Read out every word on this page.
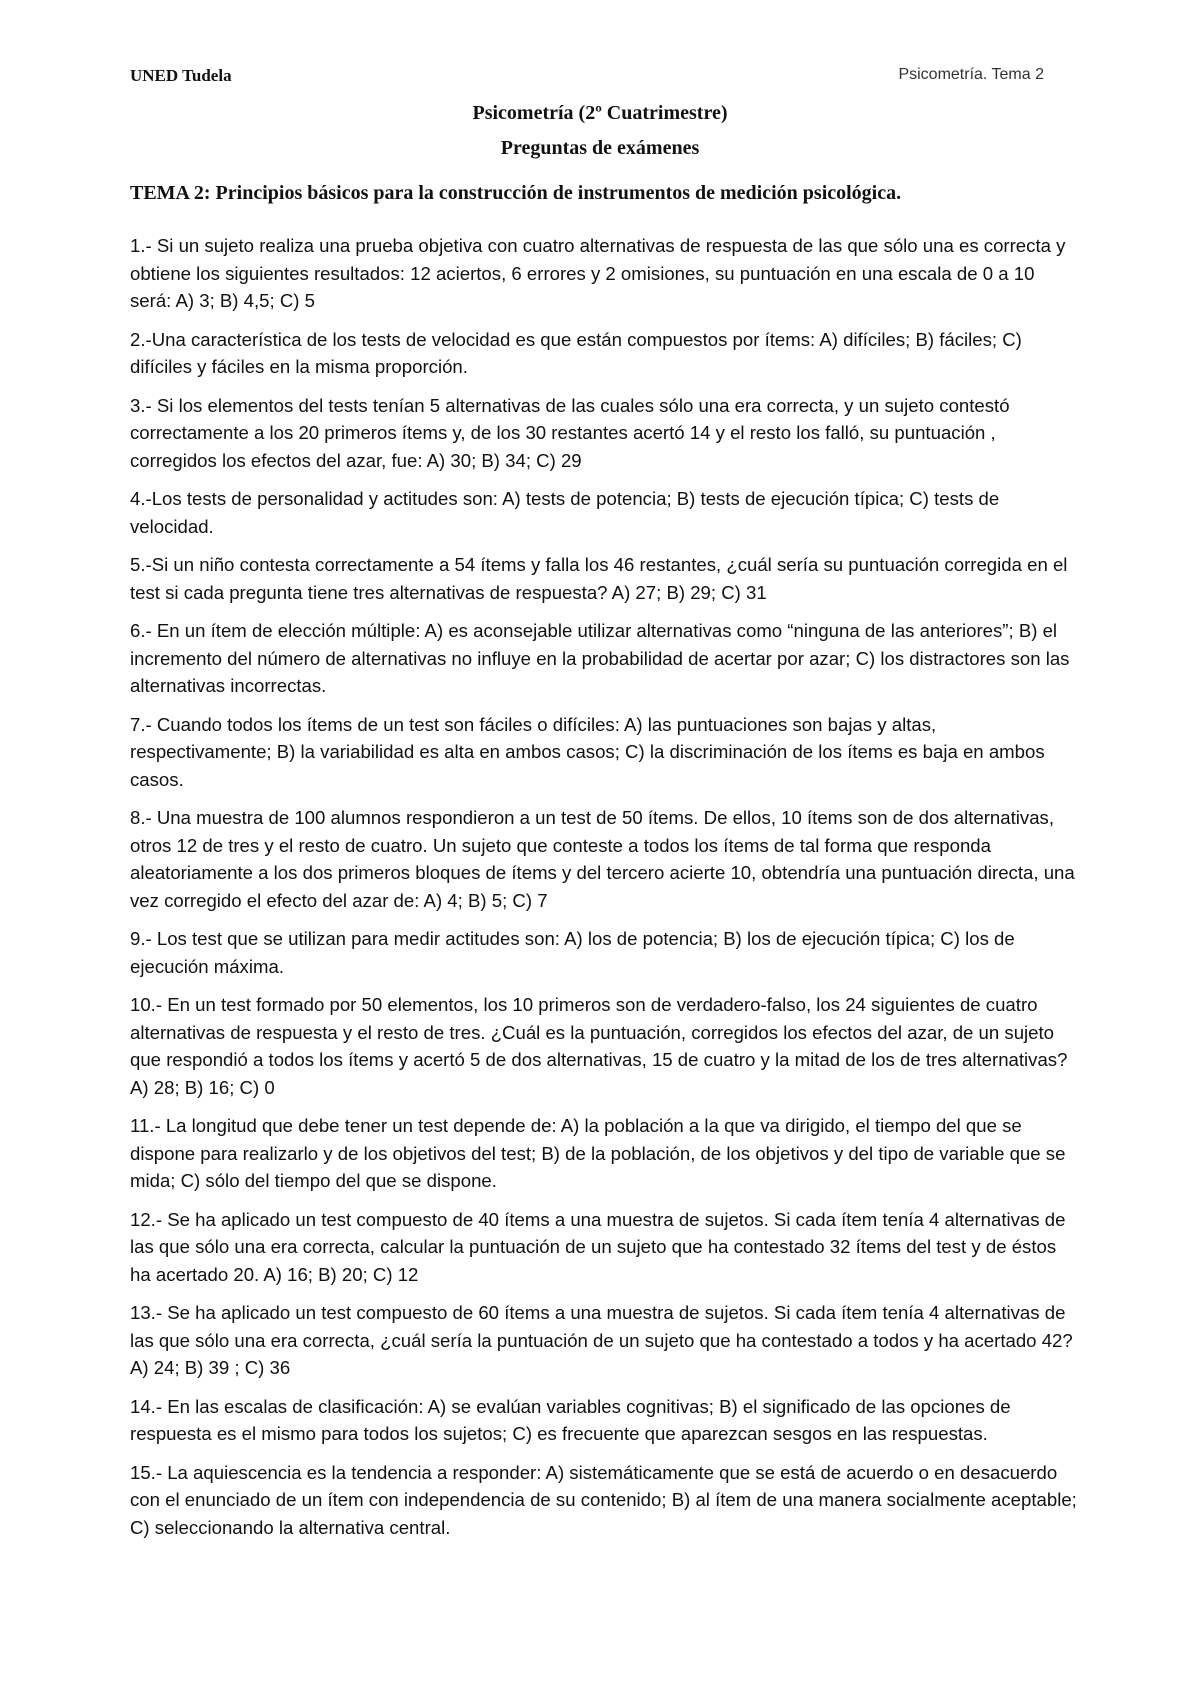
UNED Tudela	Psicometría. Tema 2

Psicometría (2º Cuatrimestre)

Preguntas de exámenes

TEMA 2: Principios básicos para la construcción de instrumentos de medición psicológica.

1.- Si un sujeto realiza una prueba objetiva con cuatro alternativas de respuesta de las que sólo una es correcta y obtiene los siguientes resultados: 12 aciertos, 6 errores y 2 omisiones, su puntuación en una escala de 0 a 10 será: A) 3; B) 4,5; C) 5

2.-Una característica de los tests de velocidad es que están compuestos por ítems: A) difíciles; B) fáciles; C) difíciles y fáciles en la misma proporción.

3.- Si los elementos del tests tenían 5 alternativas de las cuales sólo una era correcta, y un sujeto contestó correctamente a los 20 primeros ítems y, de los 30 restantes acertó 14 y el resto los falló, su puntuación , corregidos los efectos del azar, fue: A) 30; B) 34; C) 29

4.-Los tests de personalidad y actitudes son: A) tests de potencia; B) tests de ejecución típica; C) tests de velocidad.

5.-Si un niño contesta correctamente a 54 ítems y falla los 46 restantes, ¿cuál sería su puntuación corregida en el test si cada pregunta tiene tres alternativas de respuesta? A) 27; B) 29; C) 31

6.- En un ítem de elección múltiple: A) es aconsejable utilizar alternativas como “ninguna de las anteriores”; B) el incremento del número de alternativas no influye en la probabilidad de acertar por azar; C) los distractores son las alternativas incorrectas.

7.- Cuando todos los ítems de un test son fáciles o difíciles: A) las puntuaciones son bajas y altas, respectivamente; B) la variabilidad es alta en ambos casos; C) la discriminación de los ítems es baja en ambos casos.

8.- Una muestra de 100 alumnos respondieron a un test de 50 ítems. De ellos, 10 ítems son de dos alternativas, otros 12 de tres y el resto de cuatro. Un sujeto que conteste a todos los ítems de tal forma que responda aleatoriamente a los dos primeros bloques de ítems y del tercero acierte 10, obtendría una puntuación directa, una vez corregido el efecto del azar de: A) 4; B) 5; C) 7

9.- Los test que se utilizan para medir actitudes son: A) los de potencia; B) los de ejecución típica; C) los de ejecución máxima.

10.- En un test formado por 50 elementos, los 10 primeros son de verdadero-falso, los 24 siguientes de cuatro alternativas de respuesta y el resto de tres. ¿Cuál es la puntuación, corregidos los efectos del azar, de un sujeto que respondió a todos los ítems y acertó 5 de dos alternativas, 15 de cuatro y la mitad de los de tres alternativas? A) 28; B) 16; C) 0

11.- La longitud que debe tener un test depende de: A) la población a la que va dirigido, el tiempo del que se dispone para realizarlo y de los objetivos del test; B) de la población, de los objetivos y del tipo de variable que se mida; C) sólo del tiempo del que se dispone.

12.- Se ha aplicado un test compuesto de 40 ítems a una muestra de sujetos. Si cada ítem tenía 4 alternativas de las que sólo una era correcta, calcular la puntuación de un sujeto que ha contestado 32 ítems del test y de éstos ha acertado 20. A) 16; B) 20; C) 12

13.- Se ha aplicado un test compuesto de 60 ítems a una muestra de sujetos. Si cada ítem tenía 4 alternativas de las que sólo una era correcta, ¿cuál sería la puntuación de un sujeto que ha contestado a todos y ha acertado 42? A) 24; B) 39 ; C) 36

14.- En las escalas de clasificación: A) se evalúan variables cognitivas; B) el significado de las opciones de respuesta es el mismo para todos los sujetos; C) es frecuente que aparezcan sesgos en las respuestas.

15.- La aquiescencia es la tendencia a responder: A) sistemáticamente que se está de acuerdo o en desacuerdo con el enunciado de un ítem con independencia de su contenido; B) al ítem de una manera socialmente aceptable; C) seleccionando la alternativa central.
